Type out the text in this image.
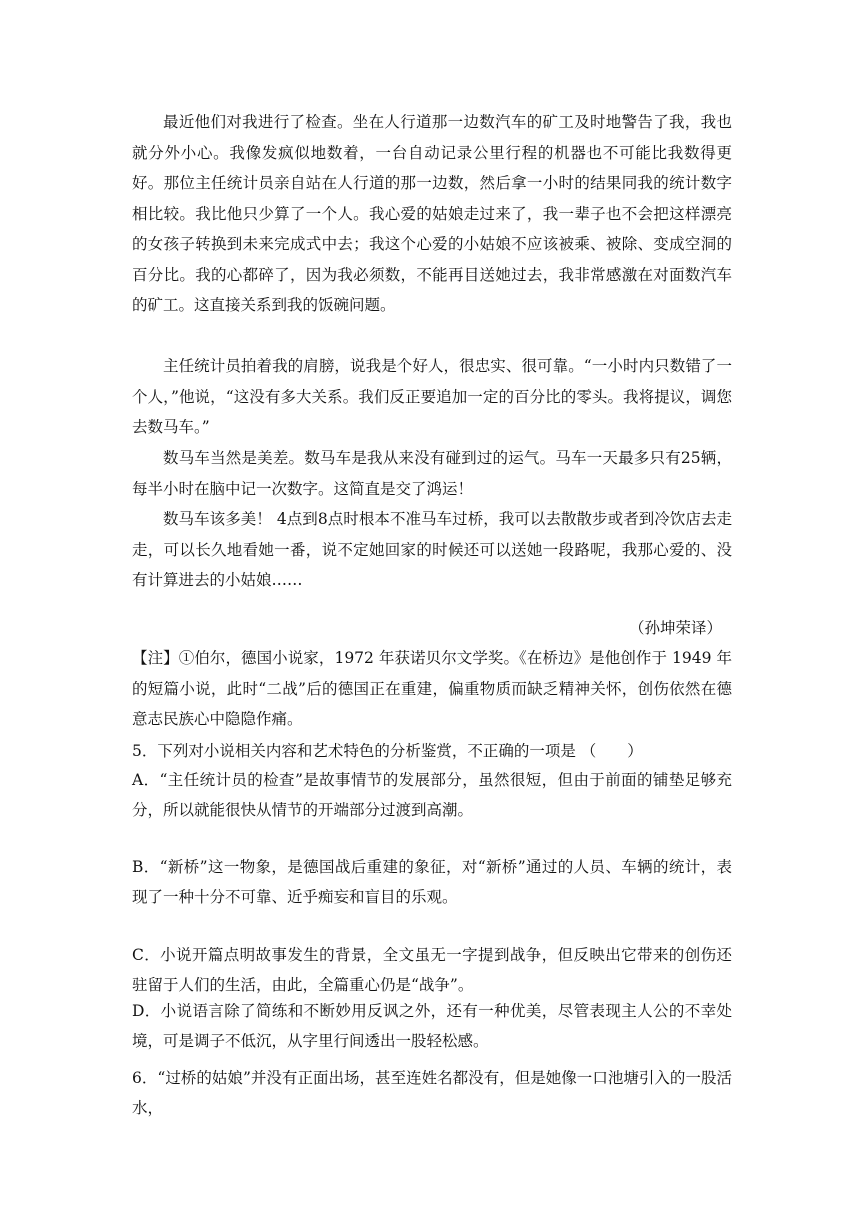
最近他们对我进行了检查。坐在人行道那一边数汽车的矿工及时地警告了我，我也就分外小心。我像发疯似地数着，一台自动记录公里行程的机器也不可能比我数得更好。那位主任统计员亲自站在人行道的那一边数，然后拿一小时的结果同我的统计数字相比较。我比他只少算了一个人。我心爱的姑娘走过来了，我一辈子也不会把这样漂亮的女孩子转换到未来完成式中去；我这个心爱的小姑娘不应该被乘、被除、变成空洞的百分比。我的心都碎了，因为我必须数，不能再目送她过去，我非常感激在对面数汽车的矿工。这直接关系到我的饭碗问题。

主任统计员拍着我的肩膀，说我是个好人，很忠实、很可靠。“一小时内只数错了一个人，”他说，“这没有多大关系。我们反正要追加一定的百分比的零头。我将提议，调您去数马车。”

数马车当然是美差。数马车是我从来没有碰到过的运气。马车一天最多只有25辆，每半小时在脑中记一次数字。这简直是交了鸿运！

数马车该多美！ 4点到8点时根本不准马车过桥，我可以去散散步或者到冷饮店去走走，可以长久地看她一番，说不定她回家的时候还可以送她一段路呢，我那心爱的、没有计算进去的小姑娘……

（孙坤荣译）

【注】①伯尔，德国小说家，1972 年获诺贝尔文学奖。《在桥边》是他创作于 1949 年的短篇小说，此时“二战”后的德国正在重建，偏重物质而缺乏精神关怀，创伤依然在德意志民族心中隐隐作痛。

5．下列对小说相关内容和艺术特色的分析鉴赏，不正确的一项是 （　　）

A．“主任统计员的检查”是故事情节的发展部分，虽然很短，但由于前面的铺垫足够充分，所以就能很快从情节的开端部分过渡到高潮。

B．“新桥”这一物象，是德国战后重建的象征，对“新桥”通过的人员、车辆的统计，表现了一种十分不可靠、近乎痴妄和盲目的乐观。

C．小说开篇点明故事发生的背景，全文虽无一字提到战争，但反映出它带来的创伤还驻留于人们的生活，由此，全篇重心仍是“战争”。

D．小说语言除了简练和不断妙用反讽之外，还有一种优美，尽管表现主人公的不幸处境，可是调子不低沉，从字里行间透出一股轻松感。

6．“过桥的姑娘”并没有正面出场，甚至连姓名都没有，但是她像一口池塘引入的一股活水，
